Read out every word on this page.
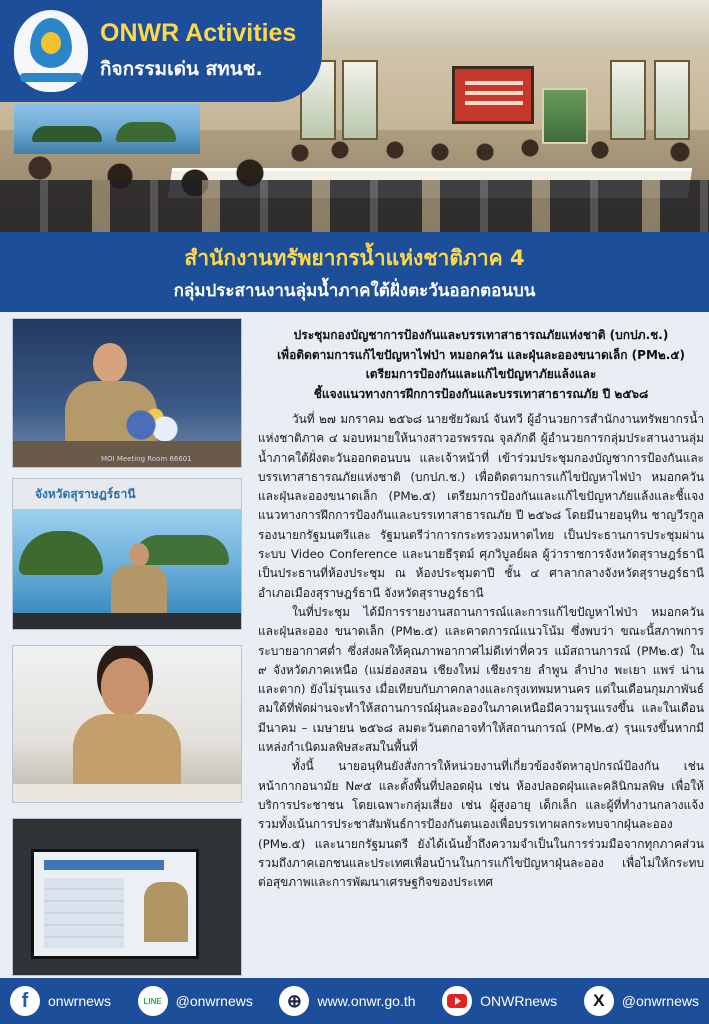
ONWR Activities
กิจกรรมเด่น สทนช.
สำนักงานทรัพยากรน้ำแห่งชาติภาค 4
กลุ่มประสานงานลุ่มน้ำภาคใต้ฝั่งตะวันออกตอนบน
MOI Meeting Room 66601
จังหวัดสุราษฎร์ธานี
ประชุมกองบัญชาการป้องกันและบรรเทาสาธารณภัยแห่งชาติ (บกปภ.ช.)
เพื่อติดตามการแก้ไขปัญหาไฟป่า หมอกควัน และฝุ่นละอองขนาดเล็ก (PM๒.๕)
เตรียมการป้องกันและแก้ไขปัญหาภัยแล้งและ
ชี้แจงแนวทางการฝึกการป้องกันและบรรเทาสาธารณภัย ปี ๒๕๖๘

วันที่ ๒๗ มกราคม ๒๕๖๘ นายชัยวัฒน์ จันทวี ผู้อำนวยการสำนักงานทรัพยากรน้ำแห่งชาติภาค ๔ มอบหมายให้นางสาวอรพรรณ จุลภักดี ผู้อำนวยการกลุ่มประสานงานลุ่มน้ำภาคใต้ฝั่งตะวันออกตอนบน และเจ้าหน้าที่ เข้าร่วมประชุมกองบัญชาการป้องกันและบรรเทาสาธารณภัยแห่งชาติ (บกปภ.ช.) เพื่อติดตามการแก้ไขปัญหาไฟป่า หมอกควันและฝุ่นละอองขนาดเล็ก (PM๒.๕) เตรียมการป้องกันและแก้ไขปัญหาภัยแล้งและชี้แจงแนวทางการฝึกการป้องกันและบรรเทาสาธารณภัย ปี ๒๕๖๘ โดยมีนายอนุทิน ชาญวีรกูล รองนายกรัฐมนตรีและ รัฐมนตรีว่าการกระทรวงมหาดไทย เป็นประธานการประชุมผ่านระบบ Video Conference และนายธีรุตม์ ศุภวิบูลย์ผล ผู้ว่าราชการจังหวัดสุราษฎร์ธานี เป็นประธานที่ห้องประชุม ณ ห้องประชุมตาปี ชั้น ๔ ศาลากลางจังหวัดสุราษฎร์ธานี อำเภอเมืองสุราษฎร์ธานี จังหวัดสุราษฎร์ธานี

ในที่ประชุม ได้มีการรายงานสถานการณ์และการแก้ไขปัญหาไฟป่า หมอกควัน และฝุ่นละออง ขนาดเล็ก (PM๒.๕) และคาดการณ์แนวโน้ม ซึ่งพบว่า ขณะนี้สภาพการระบายอากาศต่ำ ซึ่งส่งผลให้คุณภาพอากาศไม่ดีเท่าที่ควร แม้สถานการณ์ (PM๒.๕) ใน ๙ จังหวัดภาคเหนือ (แม่ฮ่องสอน เชียงใหม่ เชียงราย ลำพูน ลำปาง พะเยา แพร่ น่าน และตาก) ยังไม่รุนแรง เมื่อเทียบกับภาคกลางและกรุงเทพมหานคร แต่ในเดือนกุมภาพันธ์ ลมใต้ที่พัดผ่านจะทำให้สถานการณ์ฝุ่นละอองในภาคเหนือมีความรุนแรงขึ้น และในเดือนมีนาคม – เมษายน ๒๕๖๘ ลมตะวันตกอาจทำให้สถานการณ์ (PM๒.๕) รุนแรงขึ้นหากมีแหล่งกำเนิดมลพิษสะสมในพื้นที่

ทั้งนี้ นายอนุทินยังสั่งการให้หน่วยงานที่เกี่ยวข้องจัดหาอุปกรณ์ป้องกัน เช่น หน้ากากอนามัย N๙๕ และตั้งพื้นที่ปลอดฝุ่น เช่น ห้องปลอดฝุ่นและคลินิกมลพิษ เพื่อให้บริการประชาชน โดยเฉพาะกลุ่มเสี่ยง เช่น ผู้สูงอายุ เด็กเล็ก และผู้ที่ทำงานกลางแจ้ง รวมทั้งเน้นการประชาสัมพันธ์การป้องกันตนเองเพื่อบรรเทาผลกระทบจากฝุ่นละออง (PM๒.๕) และนายกรัฐมนตรี ยังได้เน้นย้ำถึงความจำเป็นในการร่วมมือจากทุกภาคส่วน รวมถึงภาคเอกชนและประเทศเพื่อนบ้านในการแก้ไขปัญหาฝุ่นละออง เพื่อไม่ให้กระทบต่อสุขภาพและการพัฒนาเศรษฐกิจของประเทศ

f	onwrnews	LINE @onwrnews	⊕	www.onwr.go.th	ONWRnews	X	@onwrnews
